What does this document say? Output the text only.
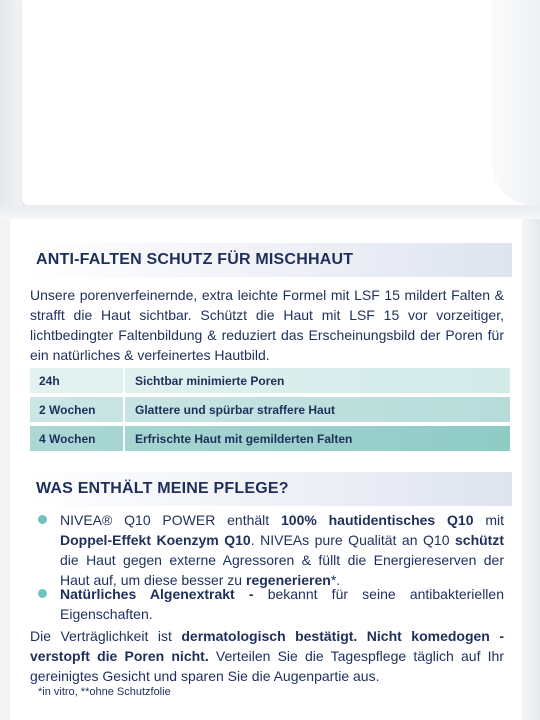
ANTI-FALTEN SCHUTZ FÜR MISCHHAUT
Unsere porenverfeinernde, extra leichte Formel mit LSF 15 mildert Falten & strafft die Haut sichtbar. Schützt die Haut mit LSF 15 vor vorzeitiger, lichtbedingter Faltenbildung & reduziert das Erscheinungsbild der Poren für ein natürliches & verfeinertes Hautbild.
24h	Sichtbar minimierte Poren
2 Wochen	Glattere und spürbar straffere Haut
4 Wochen	Erfrischte Haut mit gemilderten Falten
WAS ENTHÄLT MEINE PFLEGE?
NIVEA® Q10 POWER enthält 100% hautidentisches Q10 mit Doppel-Effekt Koenzym Q10. NIVEAs pure Qualität an Q10 schützt die Haut gegen externe Agressoren & füllt die Energiereserven der Haut auf, um diese besser zu regenerieren*.
Natürliches Algenextrakt - bekannt für seine antibakteriellen Eigenschaften.
Die Verträglichkeit ist dermatologisch bestätigt. Nicht komedogen - verstopft die Poren nicht. Verteilen Sie die Tagespflege täglich auf Ihr gereinigtes Gesicht und sparen Sie die Augenpartie aus.
*in vitro, **ohne Schutzfolie
